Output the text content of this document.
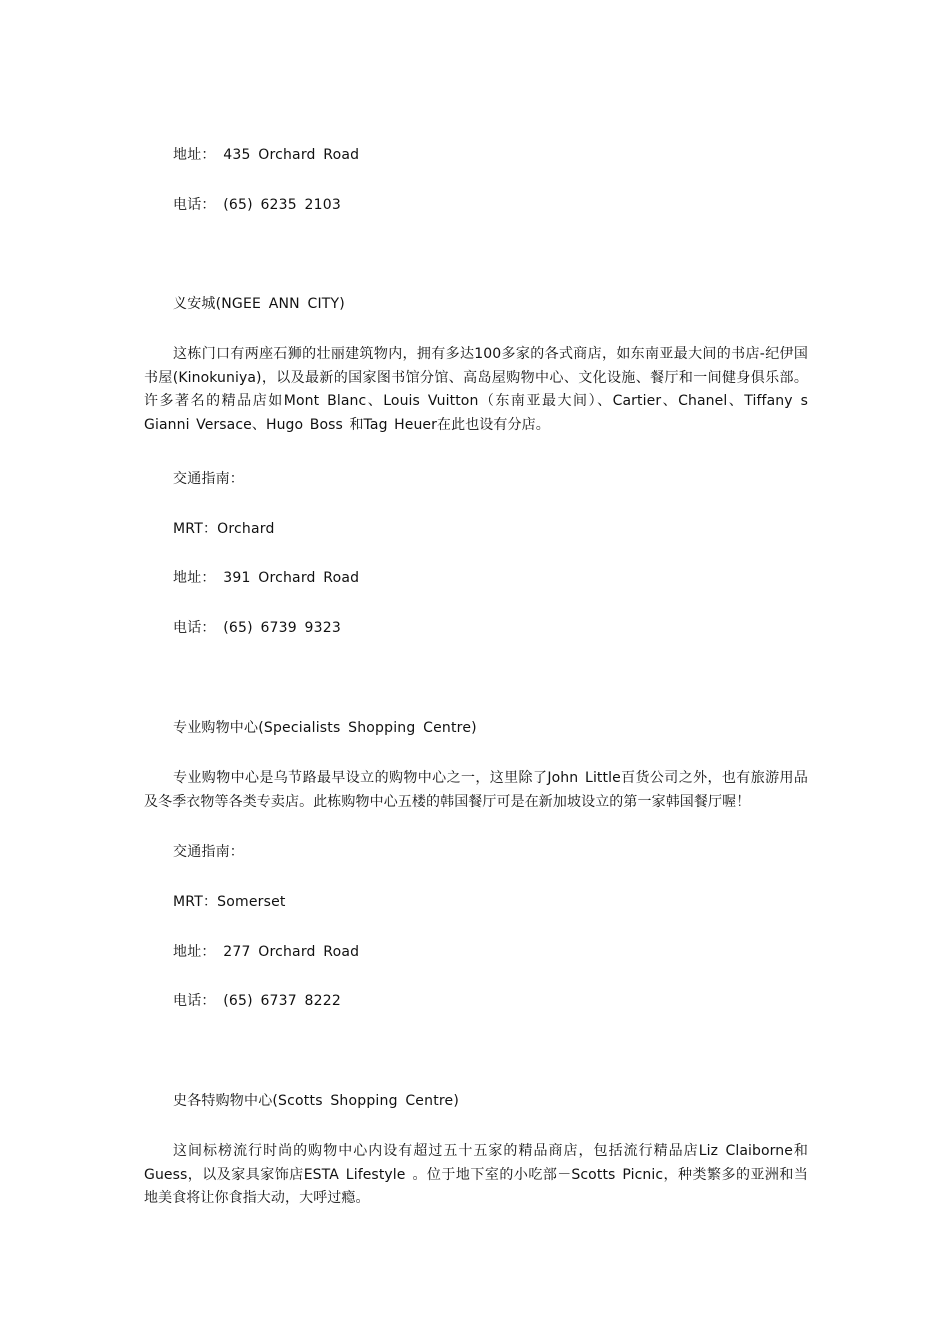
地址： 435 Orchard Road
电话： (65) 6235 2103
义安城(NGEE ANN CITY)
这栋门口有两座石狮的壮丽建筑物内，拥有多达100多家的各式商店，如东南亚最大间的书店-纪伊国书屋(Kinokuniya)，以及最新的国家图书馆分馆、高岛屋购物中心、文化设施、餐厅和一间健身俱乐部。许多著名的精品店如Mont Blanc、Louis Vuitton（东南亚最大间）、Cartier、Chanel、Tiffany s Gianni Versace、Hugo Boss 和Tag Heuer在此也设有分店。
交通指南：
MRT：Orchard
地址： 391 Orchard Road
电话： (65) 6739 9323
专业购物中心(Specialists Shopping Centre)
专业购物中心是乌节路最早设立的购物中心之一，这里除了John Little百货公司之外，也有旅游用品及冬季衣物等各类专卖店。此栋购物中心五楼的韩国餐厅可是在新加坡设立的第一家韩国餐厅喔！
交通指南：
MRT：Somerset
地址： 277 Orchard Road
电话： (65) 6737 8222
史各特购物中心(Scotts Shopping Centre)
这间标榜流行时尚的购物中心内设有超过五十五家的精品商店，包括流行精品店Liz Claiborne和 Guess，以及家具家饰店ESTA Lifestyle 。位于地下室的小吃部－Scotts Picnic，种类繁多的亚洲和当地美食将让你食指大动，大呼过瘾。
